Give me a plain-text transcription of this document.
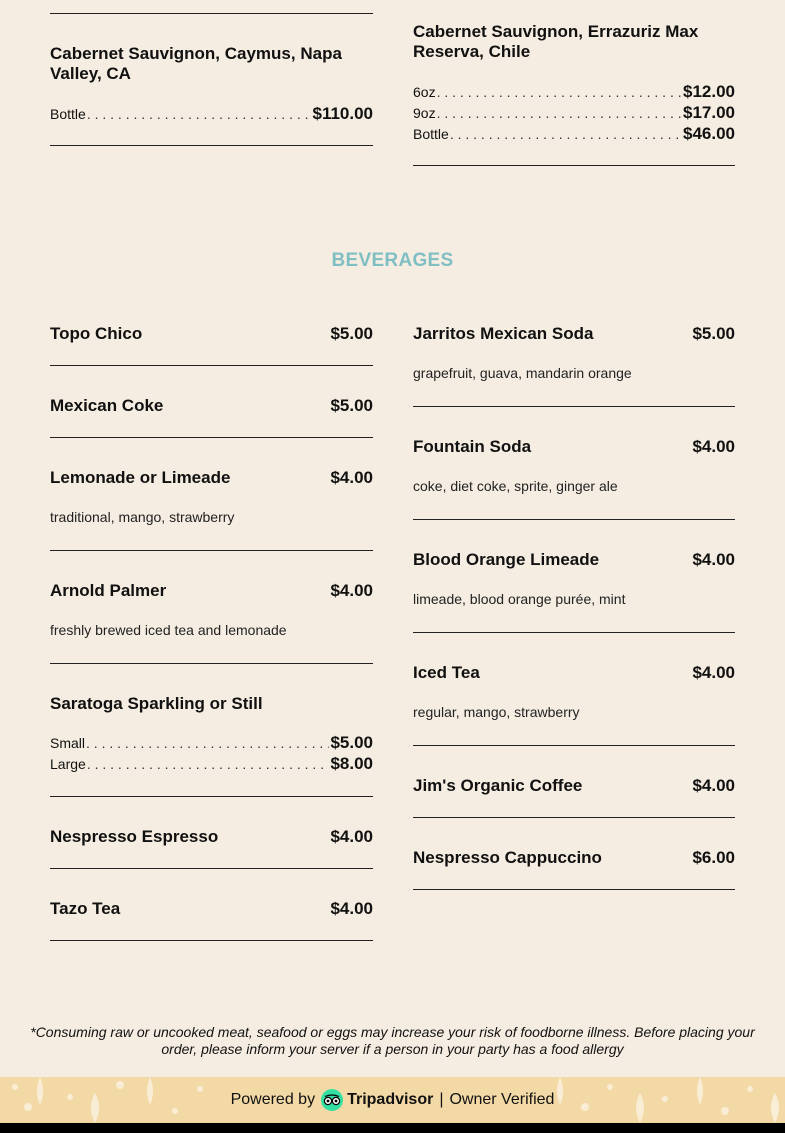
Cabernet Sauvignon, Caymus, Napa Valley, CA
Bottle . . .	$110.00
Cabernet Sauvignon, Errazuriz Max Reserva, Chile
6oz . . .	$12.00
9oz . . .	$17.00
Bottle . . .	$46.00
BEVERAGES
Topo Chico	$5.00
Mexican Coke	$5.00
Lemonade or Limeade	$4.00
traditional, mango, strawberry
Arnold Palmer	$4.00
freshly brewed iced tea and lemonade
Saratoga Sparkling or Still
Small . . .	$5.00
Large . . .	$8.00
Nespresso Espresso	$4.00
Tazo Tea	$4.00
Jarritos Mexican Soda	$5.00
grapefruit, guava, mandarin orange
Fountain Soda	$4.00
coke, diet coke, sprite, ginger ale
Blood Orange Limeade	$4.00
limeade, blood orange purée, mint
Iced Tea	$4.00
regular, mango, strawberry
Jim's Organic Coffee	$4.00
Nespresso Cappuccino	$6.00
*Consuming raw or uncooked meat, seafood or eggs may increase your risk of foodborne illness. Before placing your order, please inform your server if a person in your party has a food allergy
Powered by Tripadvisor | Owner Verified
